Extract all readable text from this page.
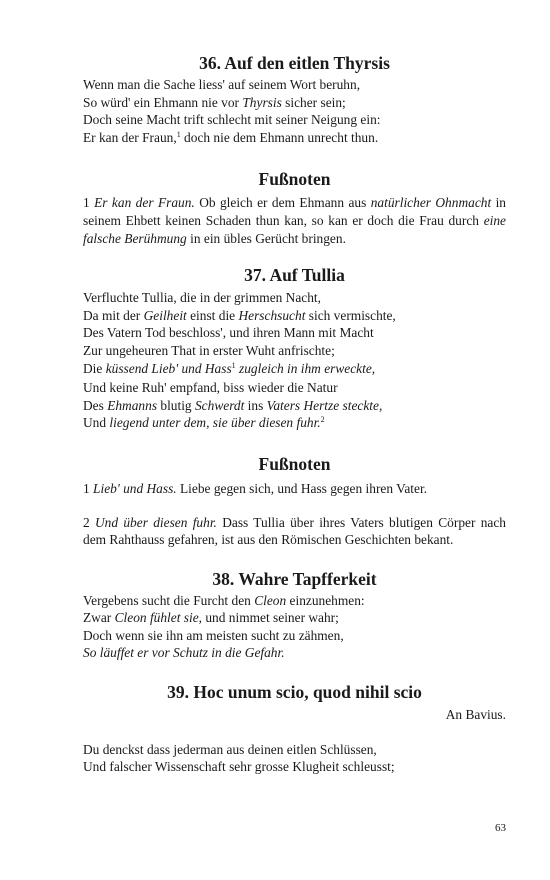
36. Auf den eitlen Thyrsis
Wenn man die Sache liess' auf seinem Wort beruhn,
So würd' ein Ehmann nie vor Thyrsis sicher sein;
Doch seine Macht trift schlecht mit seiner Neigung ein:
Er kan der Fraun,$^1$ doch nie dem Ehmann unrecht thun.
Fußnoten
1 Er kan der Fraun. Ob gleich er dem Ehmann aus natürlicher Ohnmacht in seinem Ehbett keinen Schaden thun kan, so kan er doch die Frau durch eine falsche Berühmung in ein übles Gerücht bringen.
37. Auf Tullia
Verfluchte Tullia, die in der grimmen Nacht,
Da mit der Geilheit einst die Herschsucht sich vermischte,
Des Vatern Tod beschloss', und ihren Mann mit Macht
Zur ungeheuren That in erster Wuht anfrischte;
Die küssend Lieb' und Hass$^1$ zugleich in ihm erweckte,
Und keine Ruh' empfand, biss wieder die Natur
Des Ehmanns blutig Schwerdt ins Vaters Hertze steckte,
Und liegend unter dem, sie über diesen fuhr.$^2$
Fußnoten
1 Lieb' und Hass. Liebe gegen sich, und Hass gegen ihren Vater.
2 Und über diesen fuhr. Dass Tullia über ihres Vaters blutigen Cörper nach dem Rahthauss gefahren, ist aus den Römischen Geschichten bekant.
38. Wahre Tapfferkeit
Vergebens sucht die Furcht den Cleon einzunehmen:
Zwar Cleon fühlet sie, und nimmet seiner wahr;
Doch wenn sie ihn am meisten sucht zu zähmen,
So läuffet er vor Schutz in die Gefahr.
39. Hoc unum scio, quod nihil scio
An Bavius.
Du denckst dass jederman aus deinen eitlen Schlüssen,
Und falscher Wissenschaft sehr grosse Klugheit schleusst;
63
